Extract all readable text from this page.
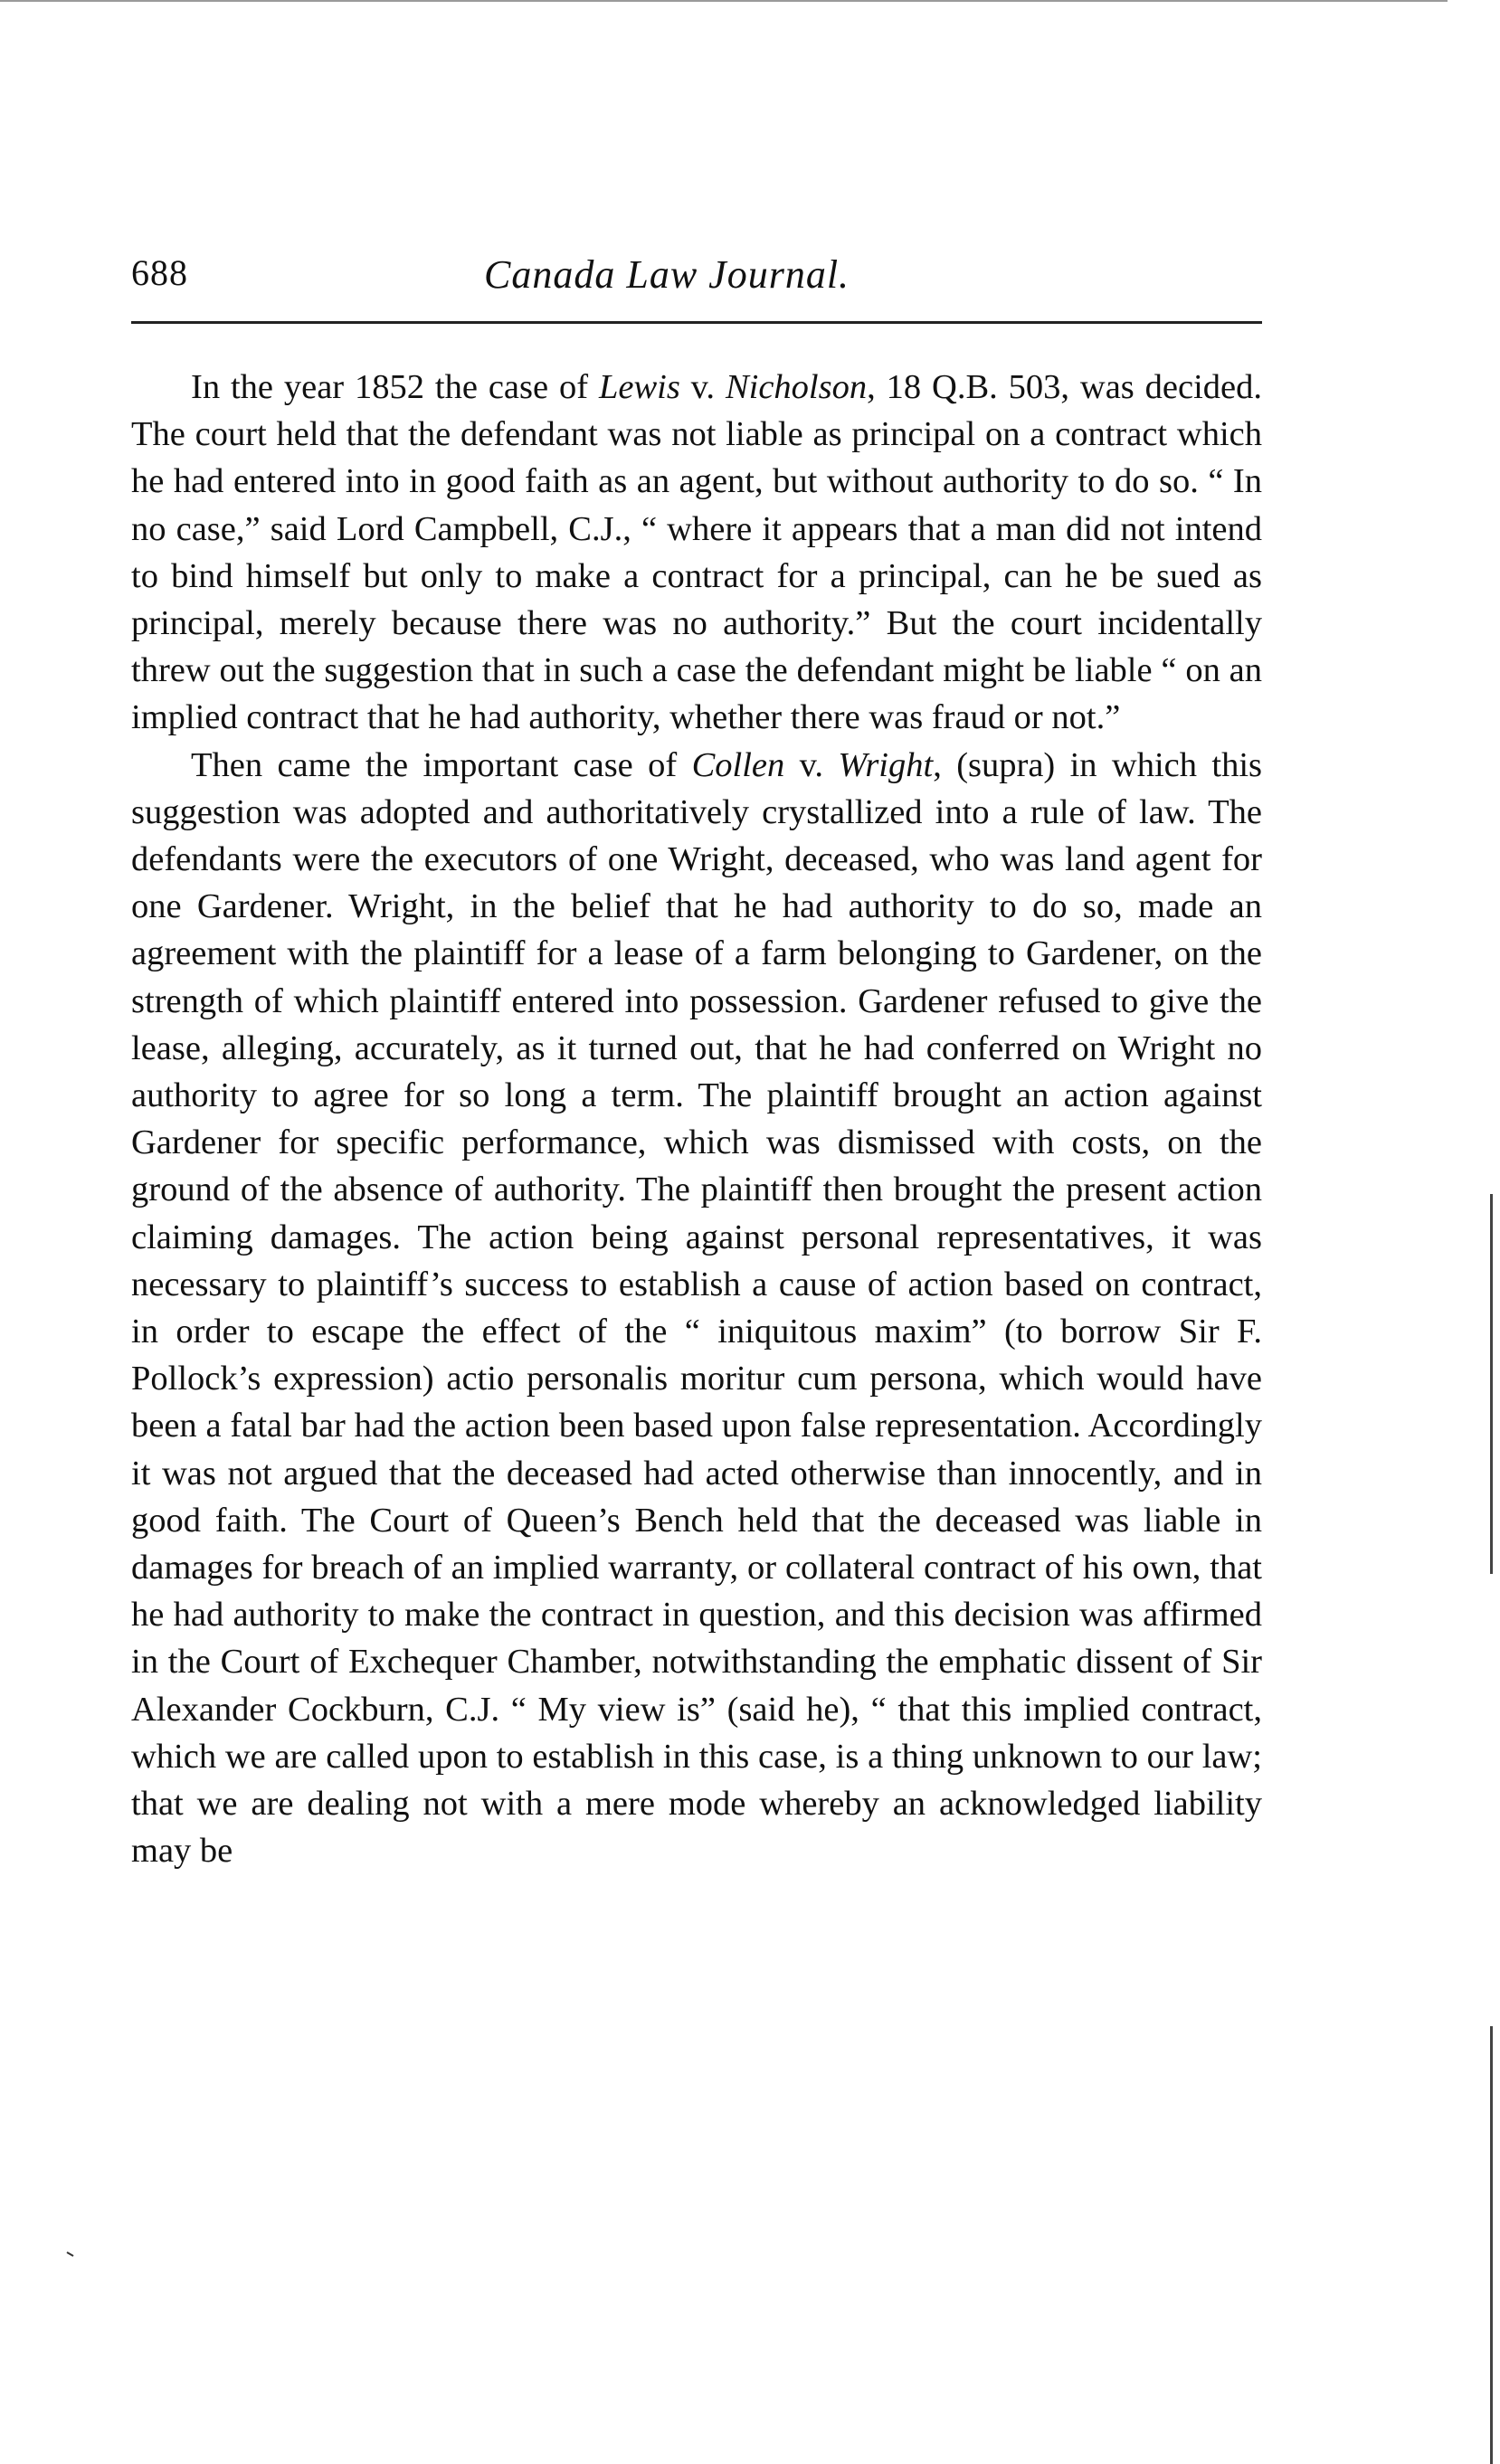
688	Canada Law Journal.

In the year 1852 the case of Lewis v. Nicholson, 18 Q.B. 503, was decided. The court held that the defendant was not liable as principal on a contract which he had entered into in good faith as an agent, but without authority to do so. “ In no case,” said Lord Campbell, C.J., “ where it appears that a man did not intend to bind himself but only to make a contract for a principal, can he be sued as principal, merely because there was no authority.” But the court incidentally threw out the suggestion that in such a case the defendant might be liable “ on an implied contract that he had authority, whether there was fraud or not.”

Then came the important case of Collen v. Wright, (supra) in which this suggestion was adopted and authoritatively crystallized into a rule of law. The defendants were the executors of one Wright, deceased, who was land agent for one Gardener. Wright, in the belief that he had authority to do so, made an agreement with the plaintiff for a lease of a farm belonging to Gardener, on the strength of which plaintiff entered into possession. Gardener refused to give the lease, alleging, accurately, as it turned out, that he had conferred on Wright no authority to agree for so long a term. The plaintiff brought an action against Gardener for specific performance, which was dismissed with costs, on the ground of the absence of authority. The plaintiff then brought the present action claiming damages. The action being against personal representatives, it was necessary to plaintiff’s success to establish a cause of action based on contract, in order to escape the effect of the “ iniquitous maxim” (to borrow Sir F. Pollock’s expression) actio personalis moritur cum persona, which would have been a fatal bar had the action been based upon false representation. Accordingly it was not argued that the deceased had acted otherwise than innocently, and in good faith. The Court of Queen’s Bench held that the deceased was liable in damages for breach of an implied warranty, or collateral contract of his own, that he had authority to make the contract in question, and this decision was affirmed in the Court of Exchequer Chamber, notwithstanding the emphatic dissent of Sir Alexander Cockburn, C.J. “ My view is” (said he), “ that this implied contract, which we are called upon to establish in this case, is a thing unknown to our law; that we are dealing not with a mere mode whereby an acknowledged liability may be
